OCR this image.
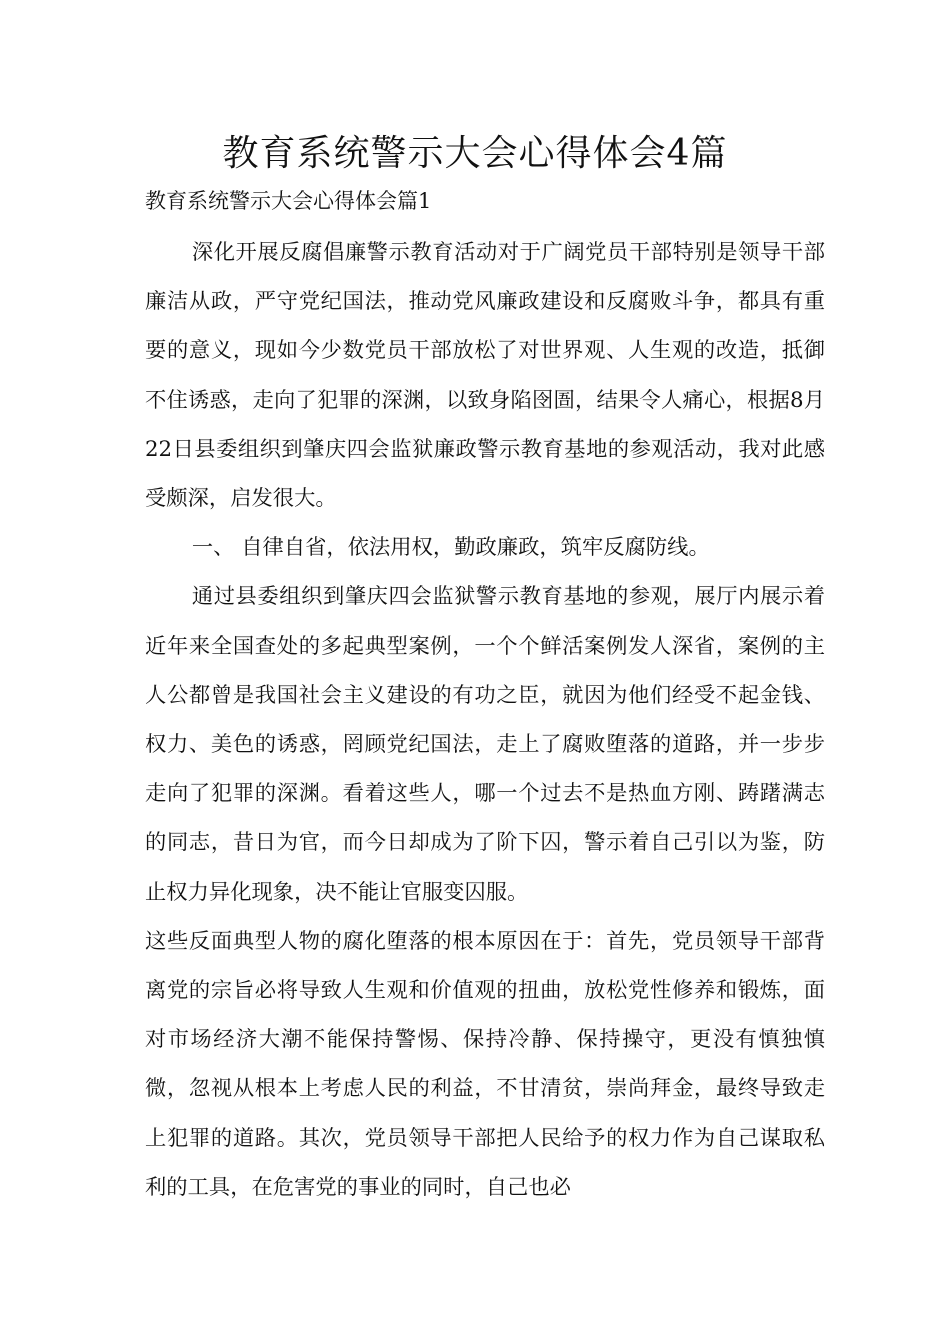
教育系统警示大会心得体会4篇

教育系统警示大会心得体会篇1

深化开展反腐倡廉警示教育活动对于广阔党员干部特别是领导干部廉洁从政，严守党纪国法，推动党风廉政建设和反腐败斗争，都具有重要的意义，现如今少数党员干部放松了对世界观、人生观的改造，抵御不住诱惑，走向了犯罪的深渊，以致身陷囹圄，结果令人痛心，根据8月22日县委组织到肇庆四会监狱廉政警示教育基地的参观活动，我对此感受颇深，启发很大。

一、 自律自省，依法用权，勤政廉政，筑牢反腐防线。

通过县委组织到肇庆四会监狱警示教育基地的参观，展厅内展示着近年来全国查处的多起典型案例，一个个鲜活案例发人深省，案例的主人公都曾是我国社会主义建设的有功之臣，就因为他们经受不起金钱、权力、美色的诱惑，罔顾党纪国法，走上了腐败堕落的道路，并一步步走向了犯罪的深渊。看着这些人，哪一个过去不是热血方刚、踌躇满志的同志，昔日为官，而今日却成为了阶下囚，警示着自己引以为鉴，防止权力异化现象，决不能让官服变囚服。

这些反面典型人物的腐化堕落的根本原因在于：首先，党员领导干部背离党的宗旨必将导致人生观和价值观的扭曲，放松党性修养和锻炼，面对市场经济大潮不能保持警惕、保持冷静、保持操守，更没有慎独慎微，忽视从根本上考虑人民的利益，不甘清贫，崇尚拜金，最终导致走上犯罪的道路。其次，党员领导干部把人民给予的权力作为自己谋取私利的工具，在危害党的事业的同时，自己也必
